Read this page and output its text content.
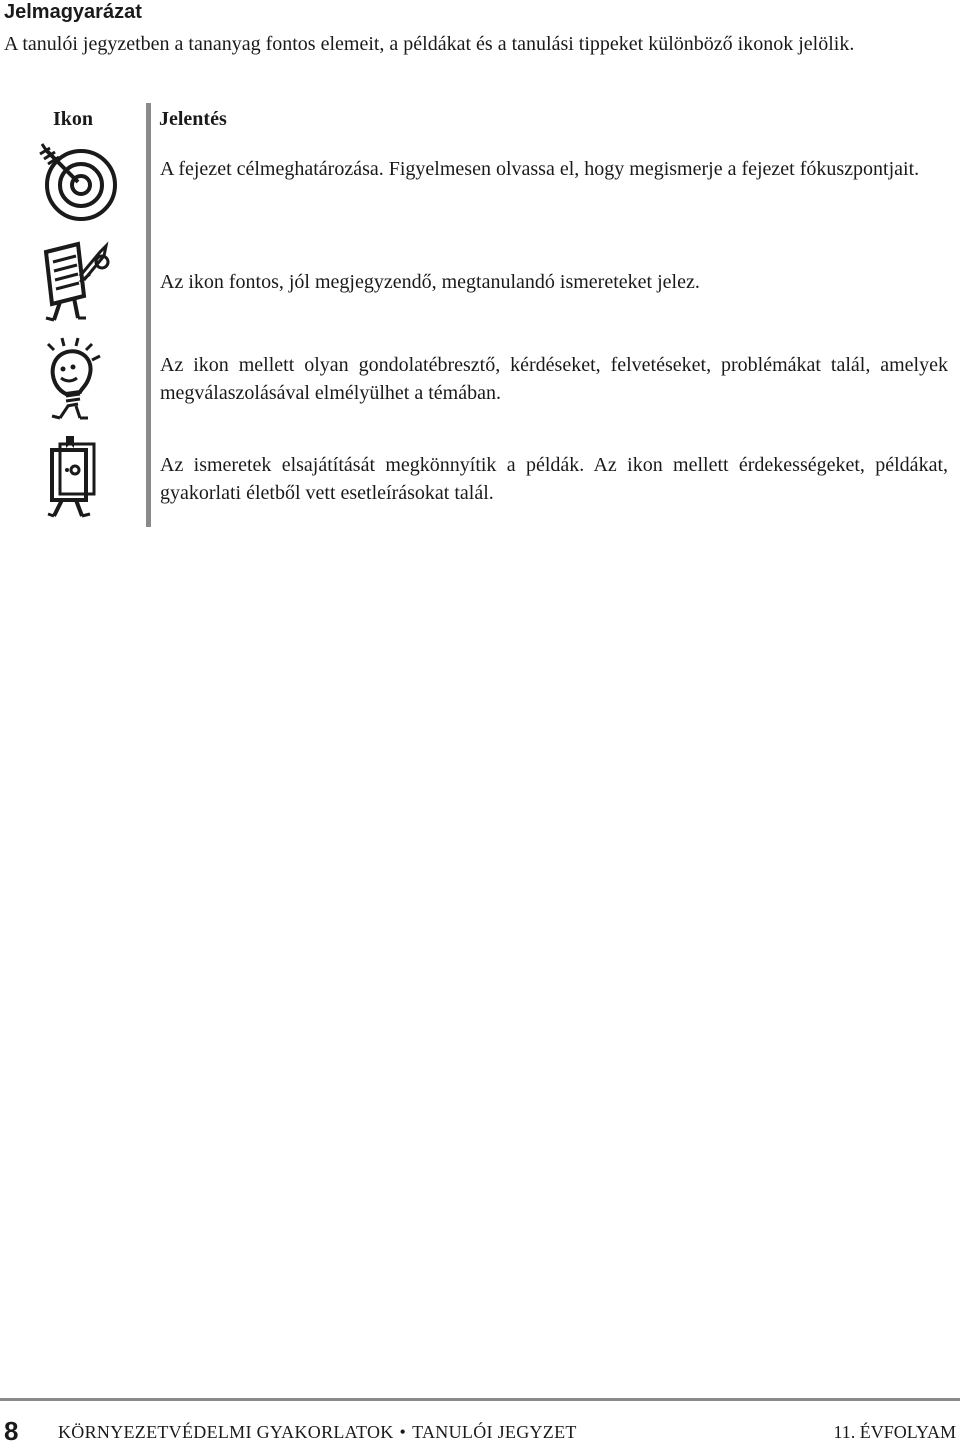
Jelmagyarázat
A tanulói jegyzetben a tananyag fontos elemeit, a példákat és a tanulási tippeket különböző ikonok jelölik.
Ikon	Jelentés
A fejezet célmeghatározása. Figyelmesen olvassa el, hogy megismerje a fejezet fókuszpontjait.
Az ikon fontos, jól megjegyzendő, megtanulandó ismereteket jelez.
Az ikon mellett olyan gondolatébresztő, kérdéseket, felvetéseket, problémákat talál, amelyek megválaszolásával elmélyülhet a témában.
Az ismeretek elsajátítását megkönnyítik a példák. Az ikon mellett érdekességeket, példákat, gyakorlati életből vett esetleírásokat talál.
8 KÖRNYEZETVÉDELMI GYAKORLATOK • TANULÓI JEGYZET	11. ÉVFOLYAM
